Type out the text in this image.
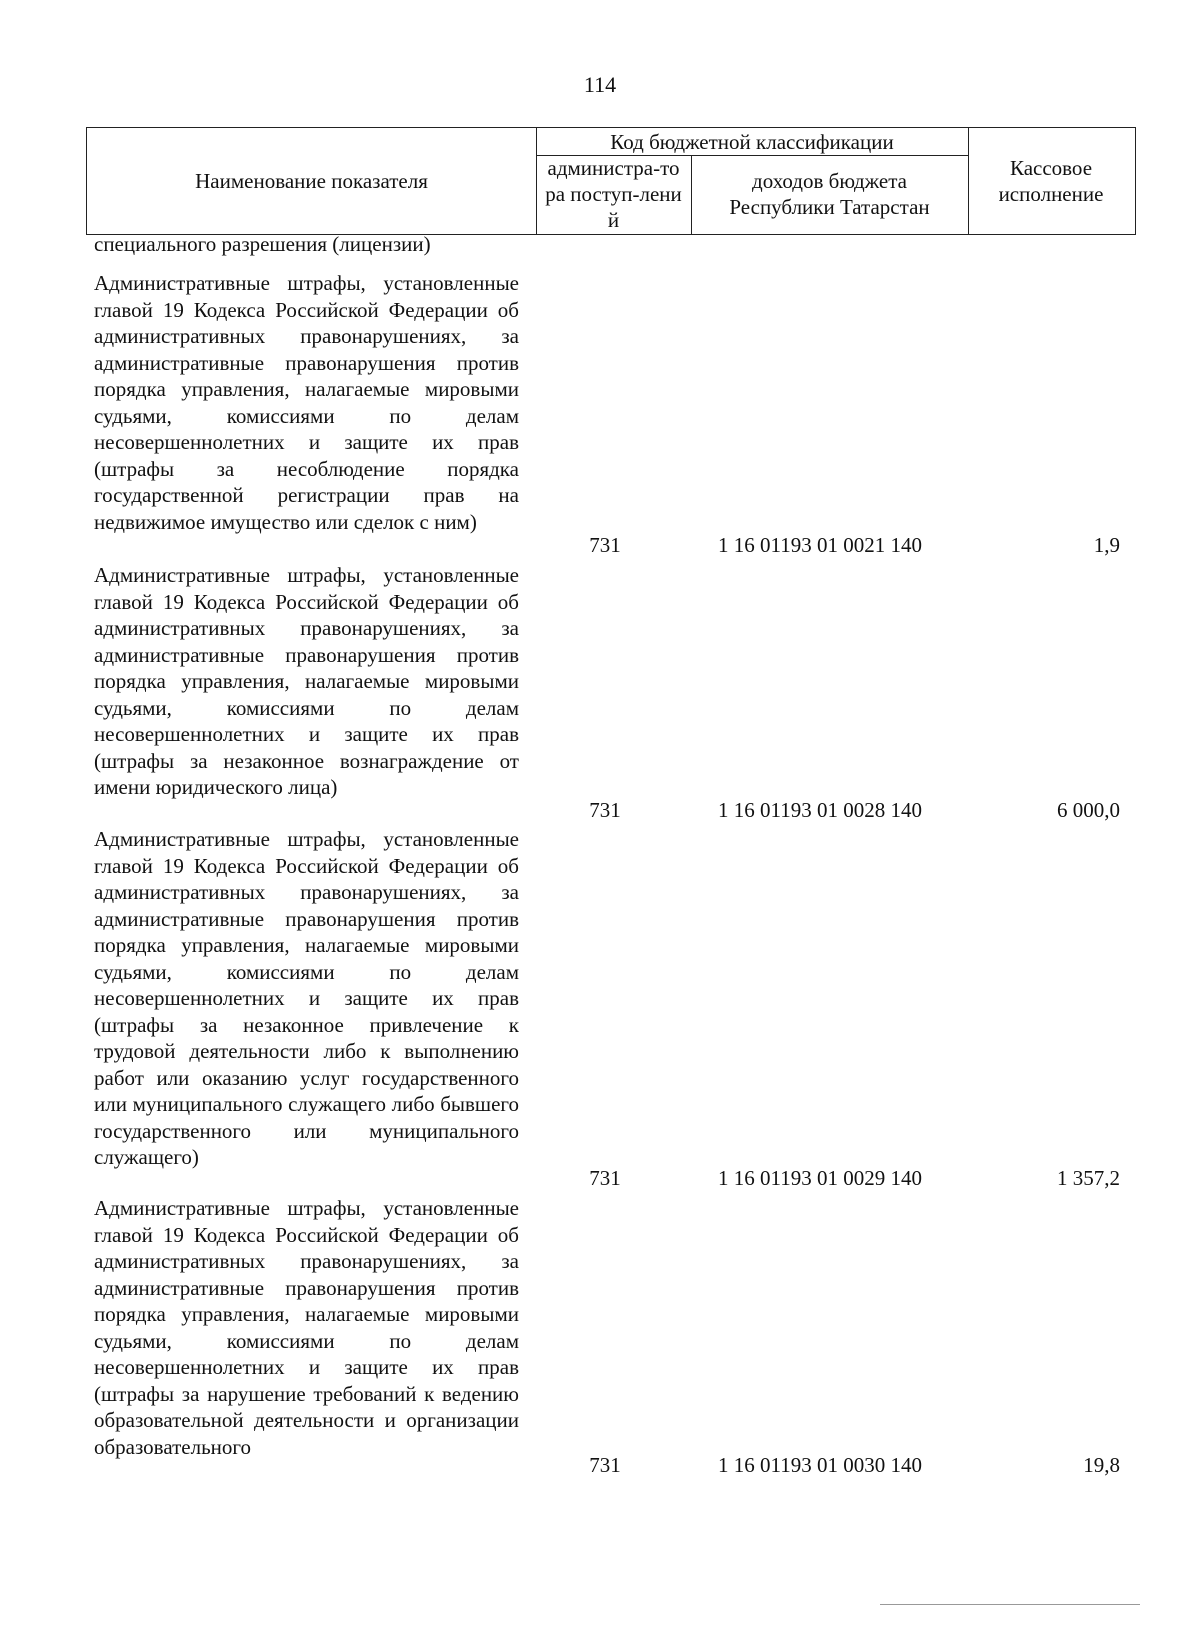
114
Наименование показателя
Код бюджетной классификации
администра-тора поступ-лений
доходов бюджета Республики Татарстан
Кассовое исполнение
специального разрешения (лицензии)
Административные штрафы, установленные главой 19 Кодекса Российской Федерации об административных правонарушениях, за административные правонарушения против порядка управления, налагаемые мировыми судьями, комиссиями по делам несовершеннолетних и защите их прав (штрафы за несоблюдение порядка государственной регистрации прав на недвижимое имущество или сделок с ним)
731	1 16 01193 01 0021 140	1,9
Административные штрафы, установленные главой 19 Кодекса Российской Федерации об административных правонарушениях, за административные правонарушения против порядка управления, налагаемые мировыми судьями, комиссиями по делам несовершеннолетних и защите их прав (штрафы за незаконное вознаграждение от имени юридического лица)
731	1 16 01193 01 0028 140	6 000,0
Административные штрафы, установленные главой 19 Кодекса Российской Федерации об административных правонарушениях, за административные правонарушения против порядка управления, налагаемые мировыми судьями, комиссиями по делам несовершеннолетних и защите их прав (штрафы за незаконное привлечение к трудовой деятельности либо к выполнению работ или оказанию услуг государственного или муниципального служащего либо бывшего государственного или муниципального служащего)
731	1 16 01193 01 0029 140	1 357,2
Административные штрафы, установленные главой 19 Кодекса Российской Федерации об административных правонарушениях, за административные правонарушения против порядка управления, налагаемые мировыми судьями, комиссиями по делам несовершеннолетних и защите их прав (штрафы за нарушение требований к ведению образовательной деятельности и организации образовательного
731	1 16 01193 01 0030 140	19,8
